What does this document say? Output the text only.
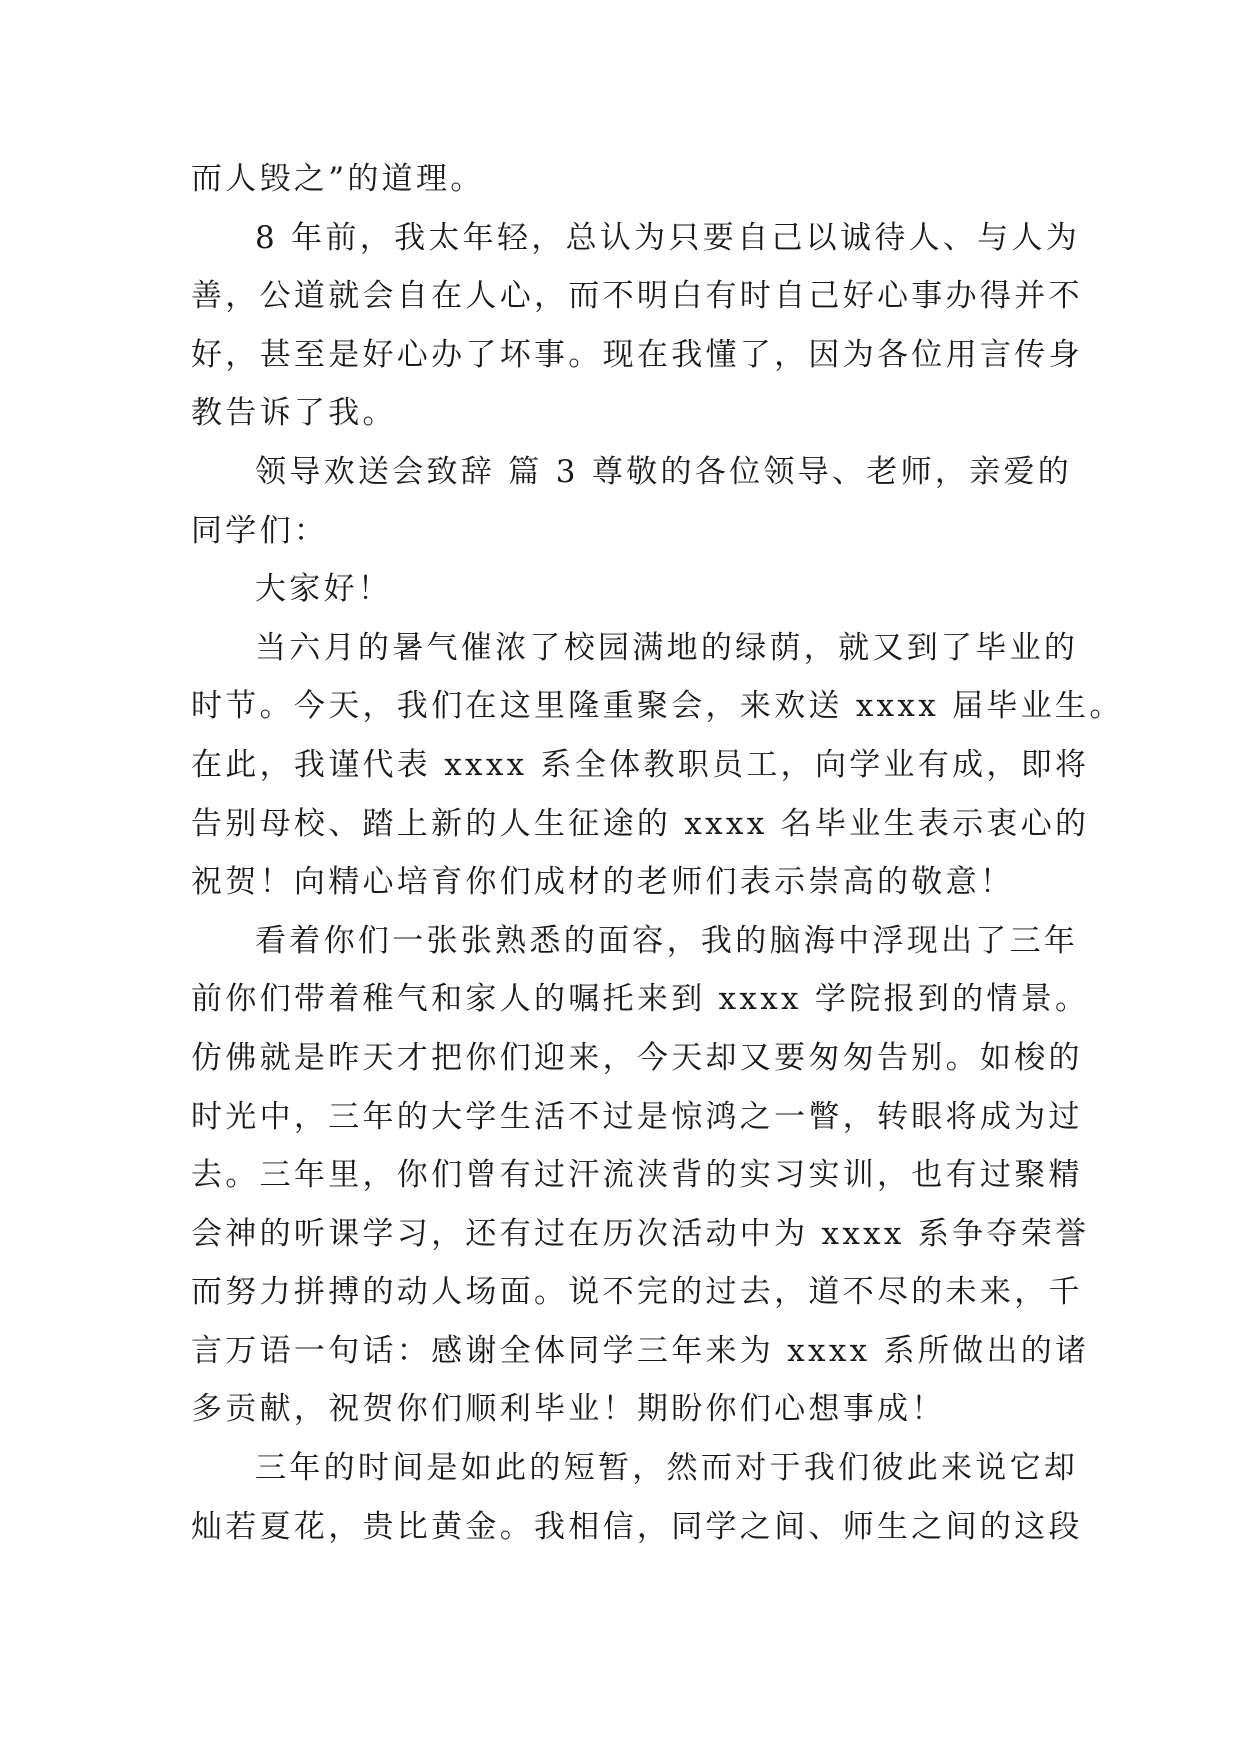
而人毁之”的道理。
8 年前，我太年轻，总认为只要自己以诚待人、与人为
善，公道就会自在人心，而不明白有时自己好心事办得并不
好，甚至是好心办了坏事。现在我懂了，因为各位用言传身
教告诉了我。
领导欢送会致辞 篇 3 尊敬的各位领导、老师，亲爱的
同学们：
大家好！
当六月的暑气催浓了校园满地的绿荫，就又到了毕业的
时节。今天，我们在这里隆重聚会，来欢送 xxxx 届毕业生。
在此，我谨代表 xxxx 系全体教职员工，向学业有成，即将
告别母校、踏上新的人生征途的 xxxx 名毕业生表示衷心的
祝贺！向精心培育你们成材的老师们表示崇高的敬意！
看着你们一张张熟悉的面容，我的脑海中浮现出了三年
前你们带着稚气和家人的嘱托来到 xxxx 学院报到的情景。
仿佛就是昨天才把你们迎来，今天却又要匆匆告别。如梭的
时光中，三年的大学生活不过是惊鸿之一瞥，转眼将成为过
去。三年里，你们曾有过汗流浃背的实习实训，也有过聚精
会神的听课学习，还有过在历次活动中为 xxxx 系争夺荣誉
而努力拼搏的动人场面。说不完的过去，道不尽的未来，千
言万语一句话：感谢全体同学三年来为 xxxx 系所做出的诸
多贡献，祝贺你们顺利毕业！期盼你们心想事成！
三年的时间是如此的短暂，然而对于我们彼此来说它却
灿若夏花，贵比黄金。我相信，同学之间、师生之间的这段
